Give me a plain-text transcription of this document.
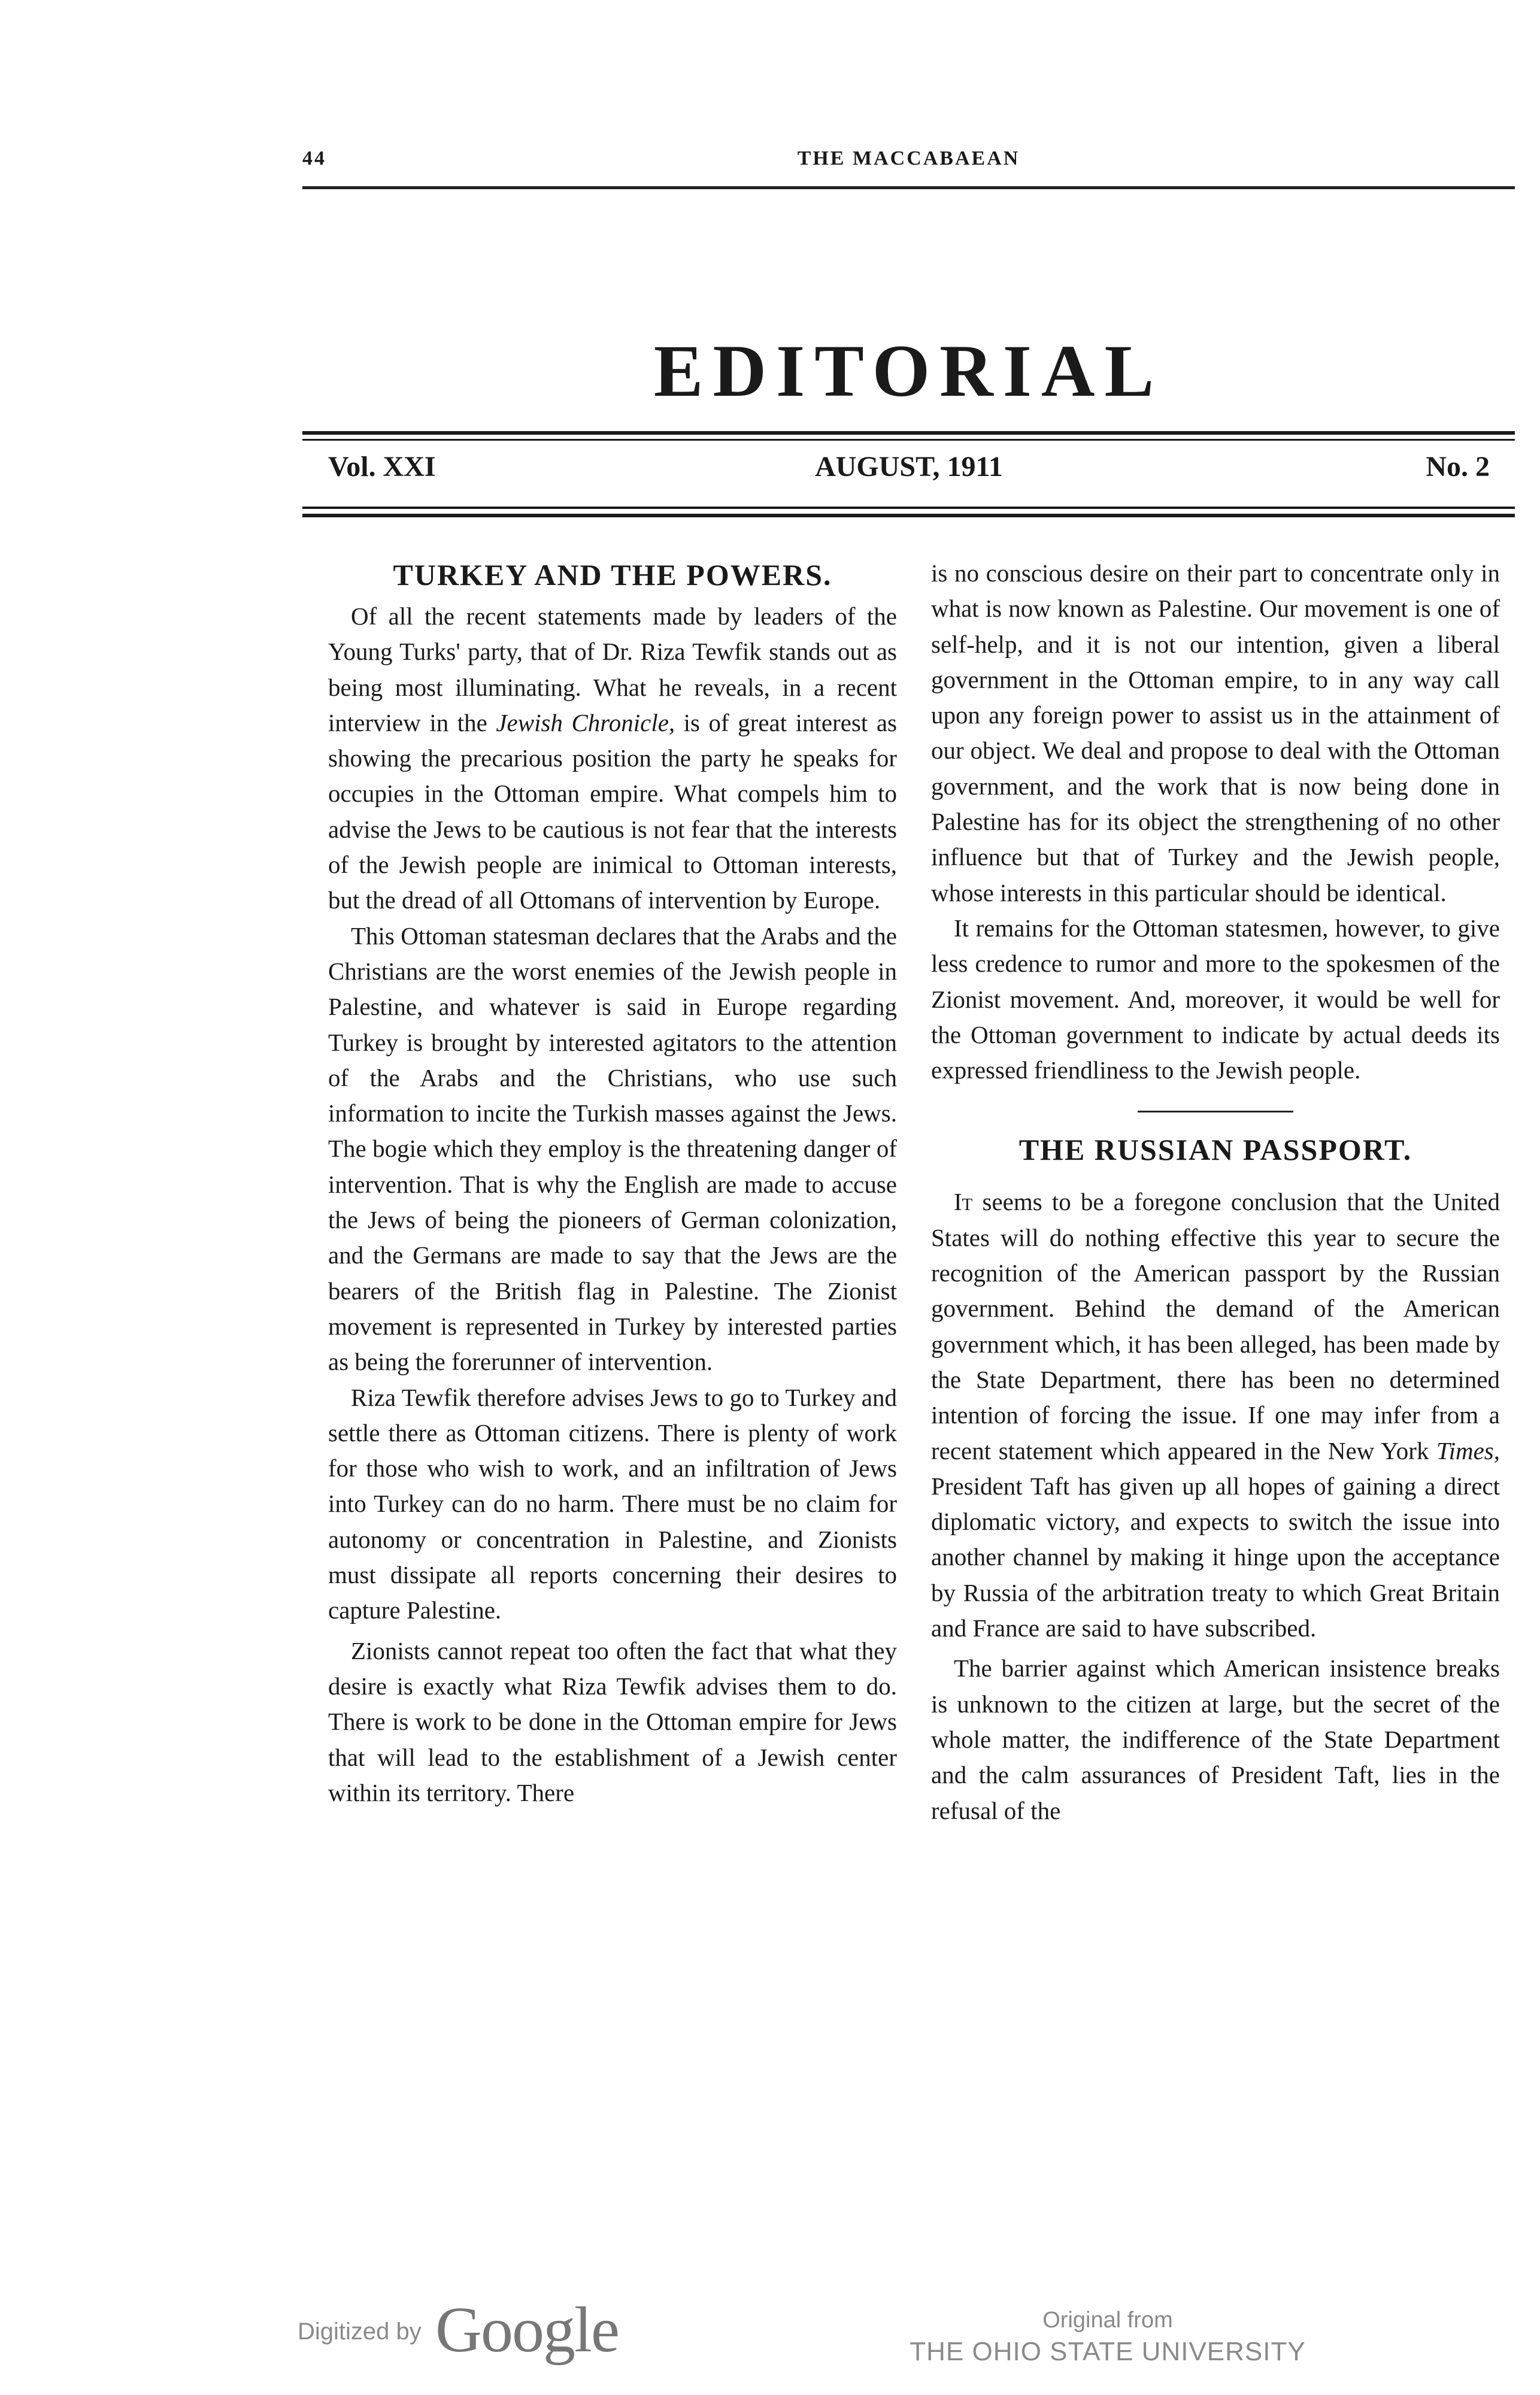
44	THE MACCABAEAN
EDITORIAL
Vol. XXI	AUGUST, 1911	No. 2
TURKEY AND THE POWERS.

Of all the recent statements made by leaders of the Young Turks' party, that of Dr. Riza Tewfik stands out as being most illuminating. What he reveals, in a recent interview in the Jewish Chronicle, is of great interest as showing the precarious position the party he speaks for occupies in the Ottoman empire. What compels him to advise the Jews to be cautious is not fear that the interests of the Jewish people are inimical to Ottoman interests, but the dread of all Ottomans of intervention by Europe.

This Ottoman statesman declares that the Arabs and the Christians are the worst enemies of the Jewish people in Palestine, and whatever is said in Europe regarding Turkey is brought by interested agitators to the attention of the Arabs and the Christians, who use such information to incite the Turkish masses against the Jews. The bogie which they employ is the threatening danger of intervention. That is why the English are made to accuse the Jews of being the pioneers of German colonization, and the Germans are made to say that the Jews are the bearers of the British flag in Palestine. The Zionist movement is represented in Turkey by interested parties as being the forerunner of intervention.

Riza Tewfik therefore advises Jews to go to Turkey and settle there as Ottoman citizens. There is plenty of work for those who wish to work, and an infiltration of Jews into Turkey can do no harm. There must be no claim for autonomy or concentration in Palestine, and Zionists must dissipate all reports concerning their desires to capture Palestine.

Zionists cannot repeat too often the fact that what they desire is exactly what Riza Tewfik advises them to do. There is work to be done in the Ottoman empire for Jews that will lead to the establishment of a Jewish center within its territory. There

is no conscious desire on their part to concentrate only in what is now known as Palestine. Our movement is one of self-help, and it is not our intention, given a liberal government in the Ottoman empire, to in any way call upon any foreign power to assist us in the attainment of our object. We deal and propose to deal with the Ottoman government, and the work that is now being done in Palestine has for its object the strengthening of no other influence but that of Turkey and the Jewish people, whose interests in this particular should be identical.

It remains for the Ottoman statesmen, however, to give less credence to rumor and more to the spokesmen of the Zionist movement. And, moreover, it would be well for the Ottoman government to indicate by actual deeds its expressed friendliness to the Jewish people.

THE RUSSIAN PASSPORT.

It seems to be a foregone conclusion that the United States will do nothing effective this year to secure the recognition of the American passport by the Russian government. Behind the demand of the American government which, it has been alleged, has been made by the State Department, there has been no determined intention of forcing the issue. If one may infer from a recent statement which appeared in the New York Times, President Taft has given up all hopes of gaining a direct diplomatic victory, and expects to switch the issue into another channel by making it hinge upon the acceptance by Russia of the arbitration treaty to which Great Britain and France are said to have subscribed.

The barrier against which American insistence breaks is unknown to the citizen at large, but the secret of the whole matter, the indifference of the State Department and the calm assurances of President Taft, lies in the refusal of the

Digitized by Google	Original from
THE OHIO STATE UNIVERSITY
